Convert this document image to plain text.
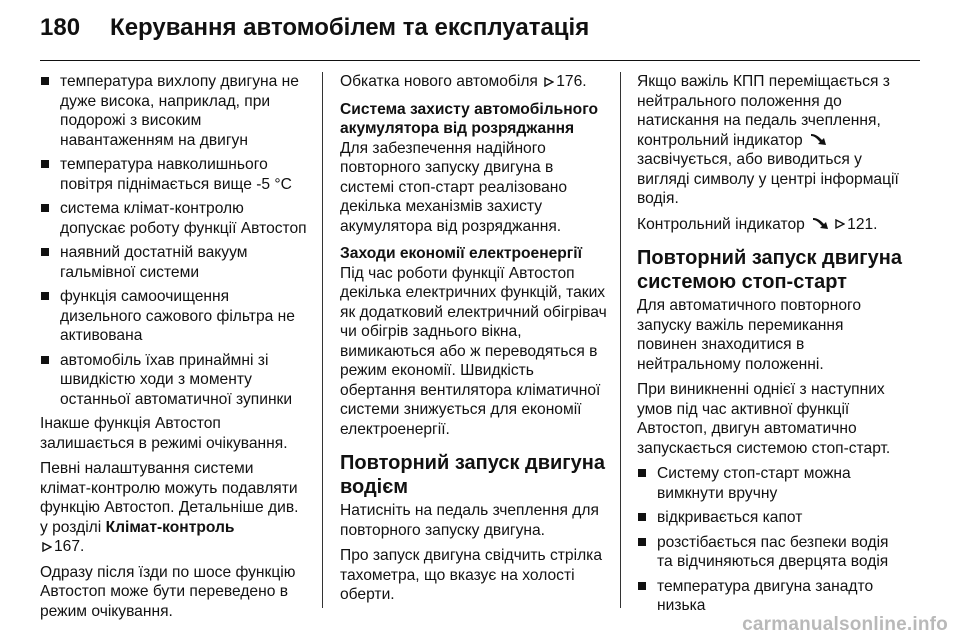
180 Керування автомобілем та експлуатація
температура вихлопу двигуна не дуже висока, наприклад, при подорожі з високим навантаженням на двигун
температура навколишнього повітря піднімається вище -5 °C
система клімат-контролю допускає роботу функції Автостоп
наявний достатній вакуум гальмівної системи
функція самоочищення дизельного сажового фільтра не активована
автомобіль їхав принаймні зі швидкістю ходи з моменту останньої автоматичної зупинки

Інакше функція Автостоп залишається в режимі очікування.

Певні налаштування системи клімат-контролю можуть подавляти функцію Автостоп. Детальніше див. у розділі Клімат-контроль
167.

Одразу після їзди по шосе функцію Автостоп може бути переведено в режим очікування.

Обкатка нового автомобіля 176.

Система захисту автомобільного акумулятора від розряджання

Для забезпечення надійного повторного запуску двигуна в системі стоп-старт реалізовано декілька механізмів захисту акумулятора від розряджання.

Заходи економії електроенергії

Під час роботи функції Автостоп декілька електричних функцій, таких як додатковий електричний обігрівач чи обігрів заднього вікна, вимикаються або ж переводяться в режим економії. Швидкість обертання вентилятора кліматичної системи знижується для економії електроенергії.

Повторний запуск двигуна водієм

Натисніть на педаль зчеплення для повторного запуску двигуна.

Про запуск двигуна свідчить стрілка тахометра, що вказує на холості оберти.

Якщо важіль КПП переміщається з нейтрального положення до натискання на педаль зчеплення, контрольний індикатор
засвічується, або виводиться у вигляді символу у центрі інформації водія.

Контрольний індикатор	121.

Повторний запуск двигуна системою стоп-старт

Для автоматичного повторного запуску важіль перемикання повинен знаходитися в нейтральному положенні.

При виникненні однієї з наступних умов під час активної функції Автостоп, двигун автоматично запускається системою стоп-старт.

Систему стоп-старт можна вимкнути вручну
відкривається капот
розстібається пас безпеки водія та відчиняються дверцята водія
температура двигуна занадто низька
carmanualsonline.info
